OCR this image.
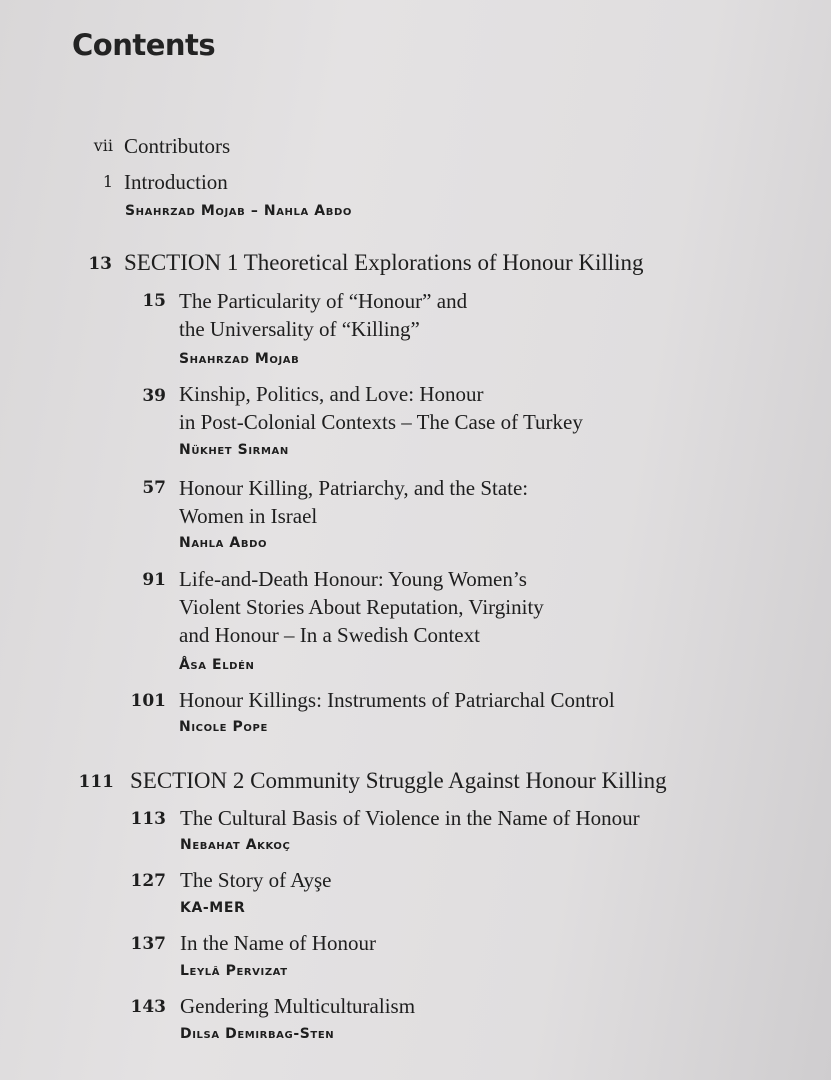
Contents
vii Contributors
1 Introduction
Shahrzad Mojab – Nahla Abdo
13 SECTION 1 Theoretical Explorations of Honour Killing
15 The Particularity of “Honour” and
the Universality of “Killing”
Shahrzad Mojab
39 Kinship, Politics, and Love: Honour
in Post-Colonial Contexts – The Case of Turkey
Nükhet Sirman
57 Honour Killing, Patriarchy, and the State:
Women in Israel
Nahla Abdo
91 Life-and-Death Honour: Young Women’s
Violent Stories About Reputation, Virginity
and Honour – In a Swedish Context
Åsa Eldén
101 Honour Killings: Instruments of Patriarchal Control
Nicole Pope
111 SECTION 2 Community Struggle Against Honour Killing
113 The Cultural Basis of Violence in the Name of Honour
Nebahat Akkoç
127 The Story of Ayşe
KA-MER
137 In the Name of Honour
Leylâ Pervizat
143 Gendering Multiculturalism
Dilsa Demirbag-Sten
